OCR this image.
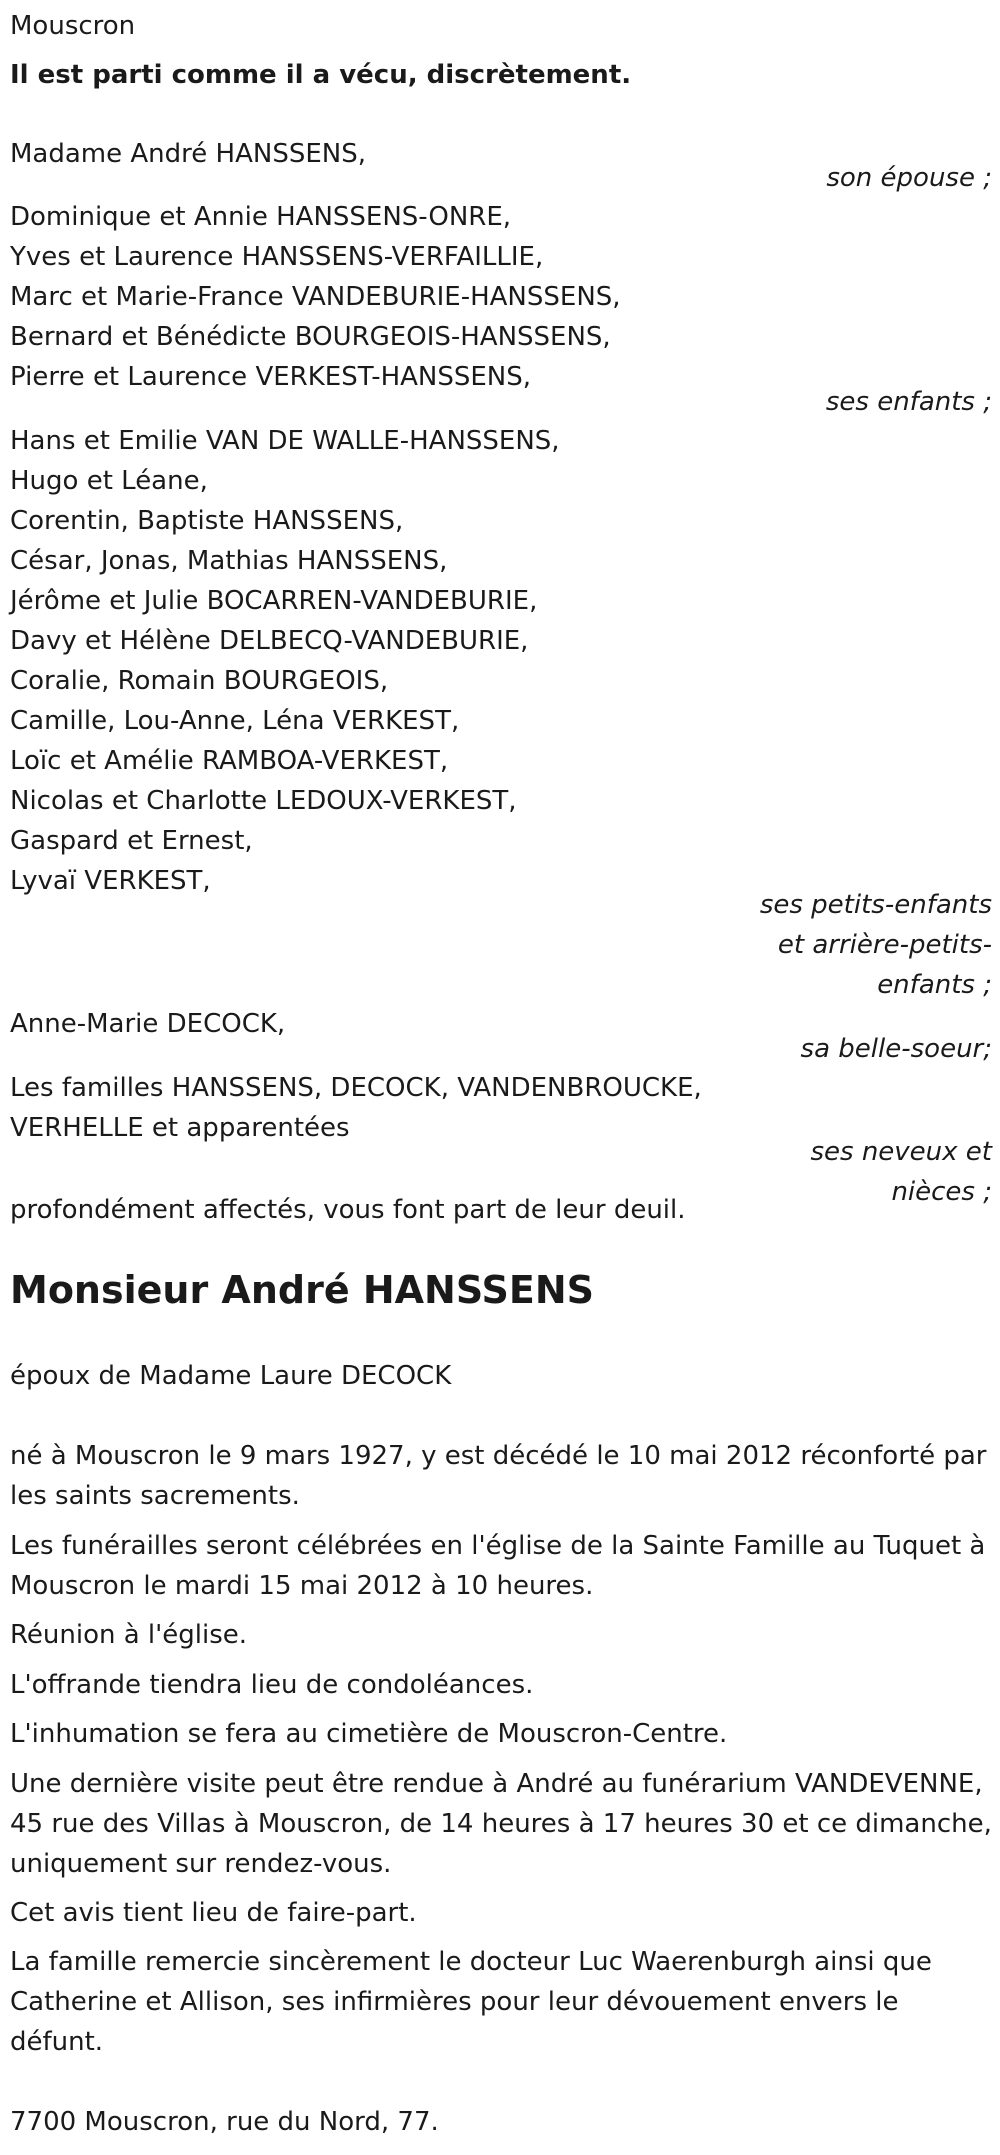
Mouscron
Il est parti comme il a vécu, discrètement.
Madame André HANSSENS,
son épouse ;
Dominique et Annie HANSSENS-ONRE,
Yves et Laurence HANSSENS-VERFAILLIE,
Marc et Marie-France VANDEBURIE-HANSSENS,
Bernard et Bénédicte BOURGEOIS-HANSSENS,
Pierre et Laurence VERKEST-HANSSENS,
ses enfants ;
Hans et Emilie VAN DE WALLE-HANSSENS,
Hugo et Léane,
Corentin, Baptiste HANSSENS,
César, Jonas, Mathias HANSSENS,
Jérôme et Julie BOCARREN-VANDEBURIE,
Davy et Hélène DELBECQ-VANDEBURIE,
Coralie, Romain BOURGEOIS,
Camille, Lou-Anne, Léna VERKEST,
Loïc et Amélie RAMBOA-VERKEST,
Nicolas et Charlotte LEDOUX-VERKEST,
Gaspard et Ernest,
Lyvaï VERKEST,
ses petits-enfants
et arrière-petits-
enfants ;
Anne-Marie DECOCK,
sa belle-soeur;
Les familles HANSSENS, DECOCK, VANDENBROUCKE,
VERHELLE et apparentées
ses neveux et
nièces ;
profondément affectés, vous font part de leur deuil.
Monsieur André HANSSENS
époux de Madame Laure DECOCK
né à Mouscron le 9 mars 1927, y est décédé le 10 mai 2012 réconforté par les saints sacrements.
Les funérailles seront célébrées en l'église de la Sainte Famille au Tuquet à Mouscron le mardi 15 mai 2012 à 10 heures.
Réunion à l'église.
L'offrande tiendra lieu de condoléances.
L'inhumation se fera au cimetière de Mouscron-Centre.
Une dernière visite peut être rendue à André au funérarium VANDEVENNE, 45 rue des Villas à Mouscron, de 14 heures à 17 heures 30 et ce dimanche, uniquement sur rendez-vous.
Cet avis tient lieu de faire-part.
La famille remercie sincèrement le docteur Luc Waerenburgh ainsi que Catherine et Allison, ses infirmières pour leur dévouement envers le défunt.
7700 Mouscron, rue du Nord, 77.
